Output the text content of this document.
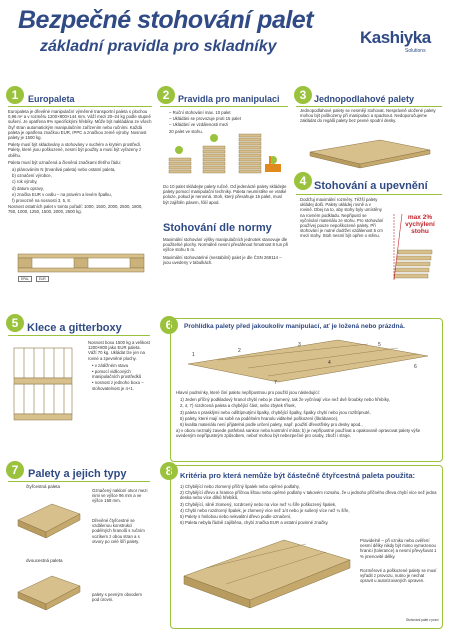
Bezpečné stohování palet
základní pravidla pro skladníky	Kashiyka
Solutions
1	Europaleta

Europaleta je dřevěné manipulační výměnné transportní paleta s plochou 0,96 m² a v rozměru 1200×800×144 mm. Váží mezi 20–24 kg podle stupně sušení. Je opatřena 9% specifickými hřebíky. Může být nakládána ze všech čtyř stran automatickým manipulačním zařízením nebo ručními. Každá paleta je opatřena značkou EUR, IPPC a značkou země výroby. Nosnost palety je 1500 kg.

Palety musí být skladovány a stohovány v suchém a krytém prostředí. Palety, které jsou poškozené, nesmí být použity a musí být vyřazeny z oběhu.

Paleta musí být označená a členěná značkami třetího řádu:

a) plánováním N (trvanlivá paleta) nebo ostatní paleta,
b) označení výrobce,
c) rok výroby,
d) datum opravy,
e) značka EUR v oválu – na pravém a levém špalku,
f) provozně na nosnosti 3, 5, 8.

Nosnost ostatních palet v tomto pořadí: 1000, 1500, 2000, 2500, 1800, 750, 1000, 1250, 1500, 2000, 2500 kg.

EPAL	EUR
2 Pravidla pro manipulaci
– Ruční stohování max. 10 palet
– Ukládáni se provozuje proti 15 palet
– Ukládání ve vzdálenosti mezi
20 palet ve stohu.
Do 10 palet skládejte palety ručně. Od jedenácté palety skládejte palety pomocí manipulační techniky. Paleta neumístěte ve vratké poloze, pokud je nerovná. Stoh, který přesahuje 15 palet, musí být zajištěn pásem, fólií apod.
Stohování dle normy

Maximální stohování výšky manipulačních jednotek stanovuje dle použitelné plochy. Normálně nesmí přesáhnout hmotnost 8 tun při výšce stohu 5 m.

Maximální stohovatelné (nestabilní) palet je dle ČSN 269114 – jsou uvedeny v tabulkách.

3 Jednopodlahové palety
Jednopodlahové palety se nesmějí stohovat. Nesprávně uložené palety mohou být poškozeny při manipulaci a spadnout. Nedoporučujeme zakládat do regálů palety bez pevné spodní desky.
4 Stohování a upevnění
Dodržuj maximální rozměry. Těžší palety ukládej dolů. Palety ukládej rovně a v rovině. Dbej na to, aby stohy byly umístěny na rovném podkladu. Nepřipustí se vyčnívání materiálu ze stohu. Pro stohování používej pouze nepoškozené palety. Při stohování je nutné dodržet vzdálenost 5 cm mezi stohy. Stoh nesmí být opřen o stěnu.
max 2% vychýlení stohu
5 Klece a gitterboxy

Nosnost boxu 1500 kg a velikost 1200×800 jako EUR paleta. Váží 70 kg. Ukládat lze jen na rovné a zpevněné plochy.

• v zátěžném stavu
• pomocí vidlicových manipulačních prostředků
• nosnost z jednoho boxu – stohovatelnost je 4+1.
6	Prohlídka palety před jakoukoliv manipulací, ať je ložená nebo prázdná.
1
2
3
4
5
6
7

Hlavní podmínky, které činí paletu nepřípustnou pro použití jsou následující:

1) Jeden příčný podkladový hranol chybí nebo je zlomený, tak že vyčnívají více než dvě šroubky nebo hřebíky,
2, 4, 7) rozdrcená paleta a chybějící část, nebo zbytek třísek,
3) paleta s prasklými nebo odštípnutými špalky, chybějící špalky, špalky chybí nebo jsou rozštípnuté,
5) palety, které mají na sobě na podélném hranolu viditelné poškození (škrábance),
6) kvalita materiálu není přijatelná podle určení palety, např. použití dřevotřísky pro desky apod.,

a) v oboru neznalý zavede potřebná sankce nebo kontrolní místa; b) je nepřípustné používat a opakovaně opravovat palety výše uvedeným nepřípustným způsobem, neboť mohou být nebezpečné pro osoby, zboží i stroje.

7 Palety a jejich typy
čtyřcestná paleta
dvoucestná paleta
Označený nakloní otvor mezi nimi ve výšce 96 mm a ve výšce 158 mm.
Dřevěné čtyřcestné se vzdálenou konstrukcí podélných hranolů s ručním vozíkem z obou stran a s otvory po celé šíři palety.
palety s pevným obvodem pod úrovni.
8	Kritéria pro která nemůže být částečně čtyřcestná paleta použita:
1) Chybějící nebo zlomený příčný špalek nebo opěrné podlahy,
2) Chybějící dřevo a hranice příčnou lištou nebo opěrné podlahy v takovém rozsahu, že u jednoho příčného dřeva chybí více než jedna deska nebo více dílků hřebíků,
3) Chybějící, silně zlomený, rozdrcený nebo na více než ¼ šíře poškozený špalek,
4) Chybí nebo rozdrcený špalek, je zlomený více než 1/4 nebo je sušený více než ¼ šíře,
5) Palety s hnilobou nebo nekvalitní dřevo podle označení,
6) Paleta nebyla řádně zajištěna, chybí značka EUR a ostatní povinné značky.
Pravidelně – při vzniku nebo ověření nesmí dělky nikdy být mimo vymezenou hranici (tolerance) a nesmí převyšovat 1 % jmenovité délky.
Rozměrové a poškozené palety se musí vyřadit z provozu, nutno je nechat opravit u autorizovaných opraven.
Stohování palet v praxi
